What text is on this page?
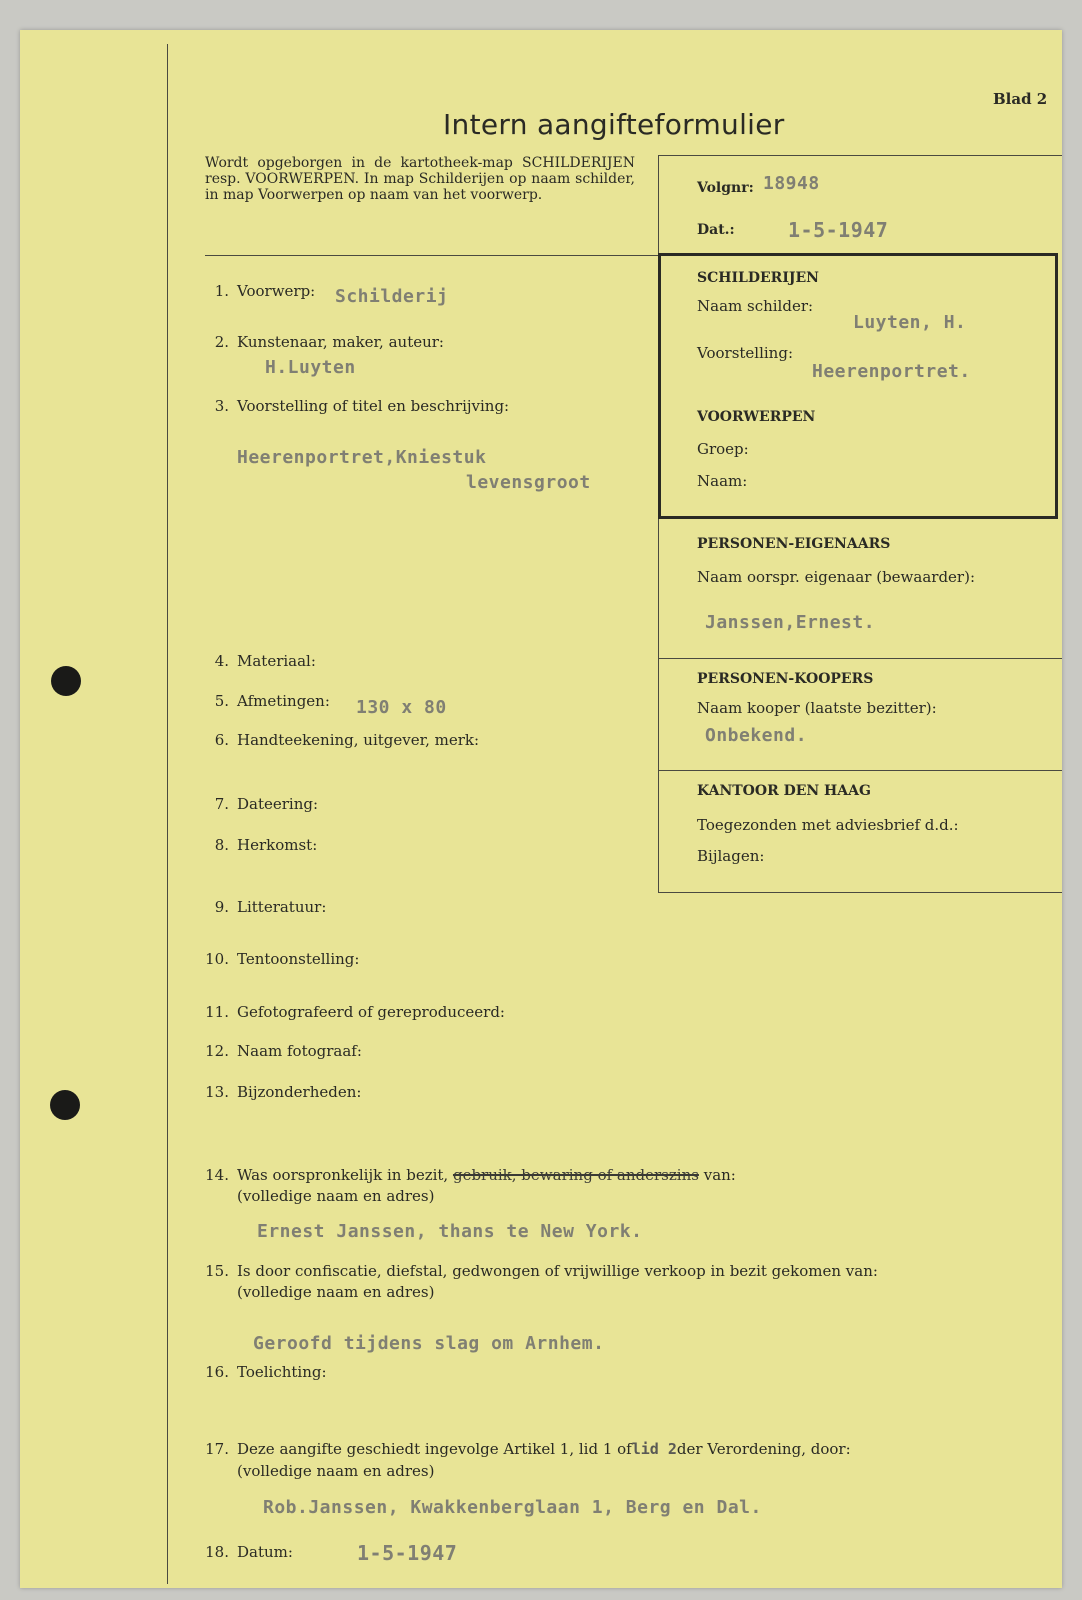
Blad 2
Intern aangifteformulier
Wordt opgeborgen in de kartotheek-map SCHILDERIJEN resp. VOORWERPEN. In map Schilderijen op naam schilder, in map Voorwerpen op naam van het voorwerp.	Volgnr: 18948
Dat.:	1-5-1947
SCHILDERIJEN
Naam schilder:
Luyten, H.
Voorstelling:
Heerenportret.
VOORWERPEN
Groep:
Naam:
PERSONEN-EIGENAARS
Naam oorspr. eigenaar (bewaarder):
Janssen,Ernest.
PERSONEN-KOOPERS
Naam kooper (laatste bezitter):
Onbekend.
KANTOOR DEN HAAG
Toegezonden met adviesbrief d.d.:
Bijlagen:
1. Voorwerp: Schilderij
2. Kunstenaar, maker, auteur:
H.Luyten
3. Voorstelling of titel en beschrijving:
Heerenportret,Kniestuk
levensgroot
4. Materiaal:
5. Afmetingen: 130 x 80
6. Handteekening, uitgever, merk:
7. Dateering:
8. Herkomst:
9. Litteratuur:
10. Tentoonstelling:
11. Gefotografeerd of gereproduceerd:
12. Naam fotograaf:
13. Bijzonderheden:
14. Was oorspronkelijk in bezit, gebruik, bewaring of anderszins van:
(volledige naam en adres)
Ernest Janssen, thans te New York.
15. Is door confiscatie, diefstal, gedwongen of vrijwillige verkoop in bezit gekomen van:
(volledige naam en adres)
Geroofd tijdens slag om Arnhem.
16. Toelichting:
17. Deze aangifte geschiedt ingevolge Artikel 1, lid 1 oflid 2der Verordening, door:
(volledige naam en adres)
Rob.Janssen, Kwakkenberglaan 1, Berg en Dal.
18. Datum:	1-5-1947
